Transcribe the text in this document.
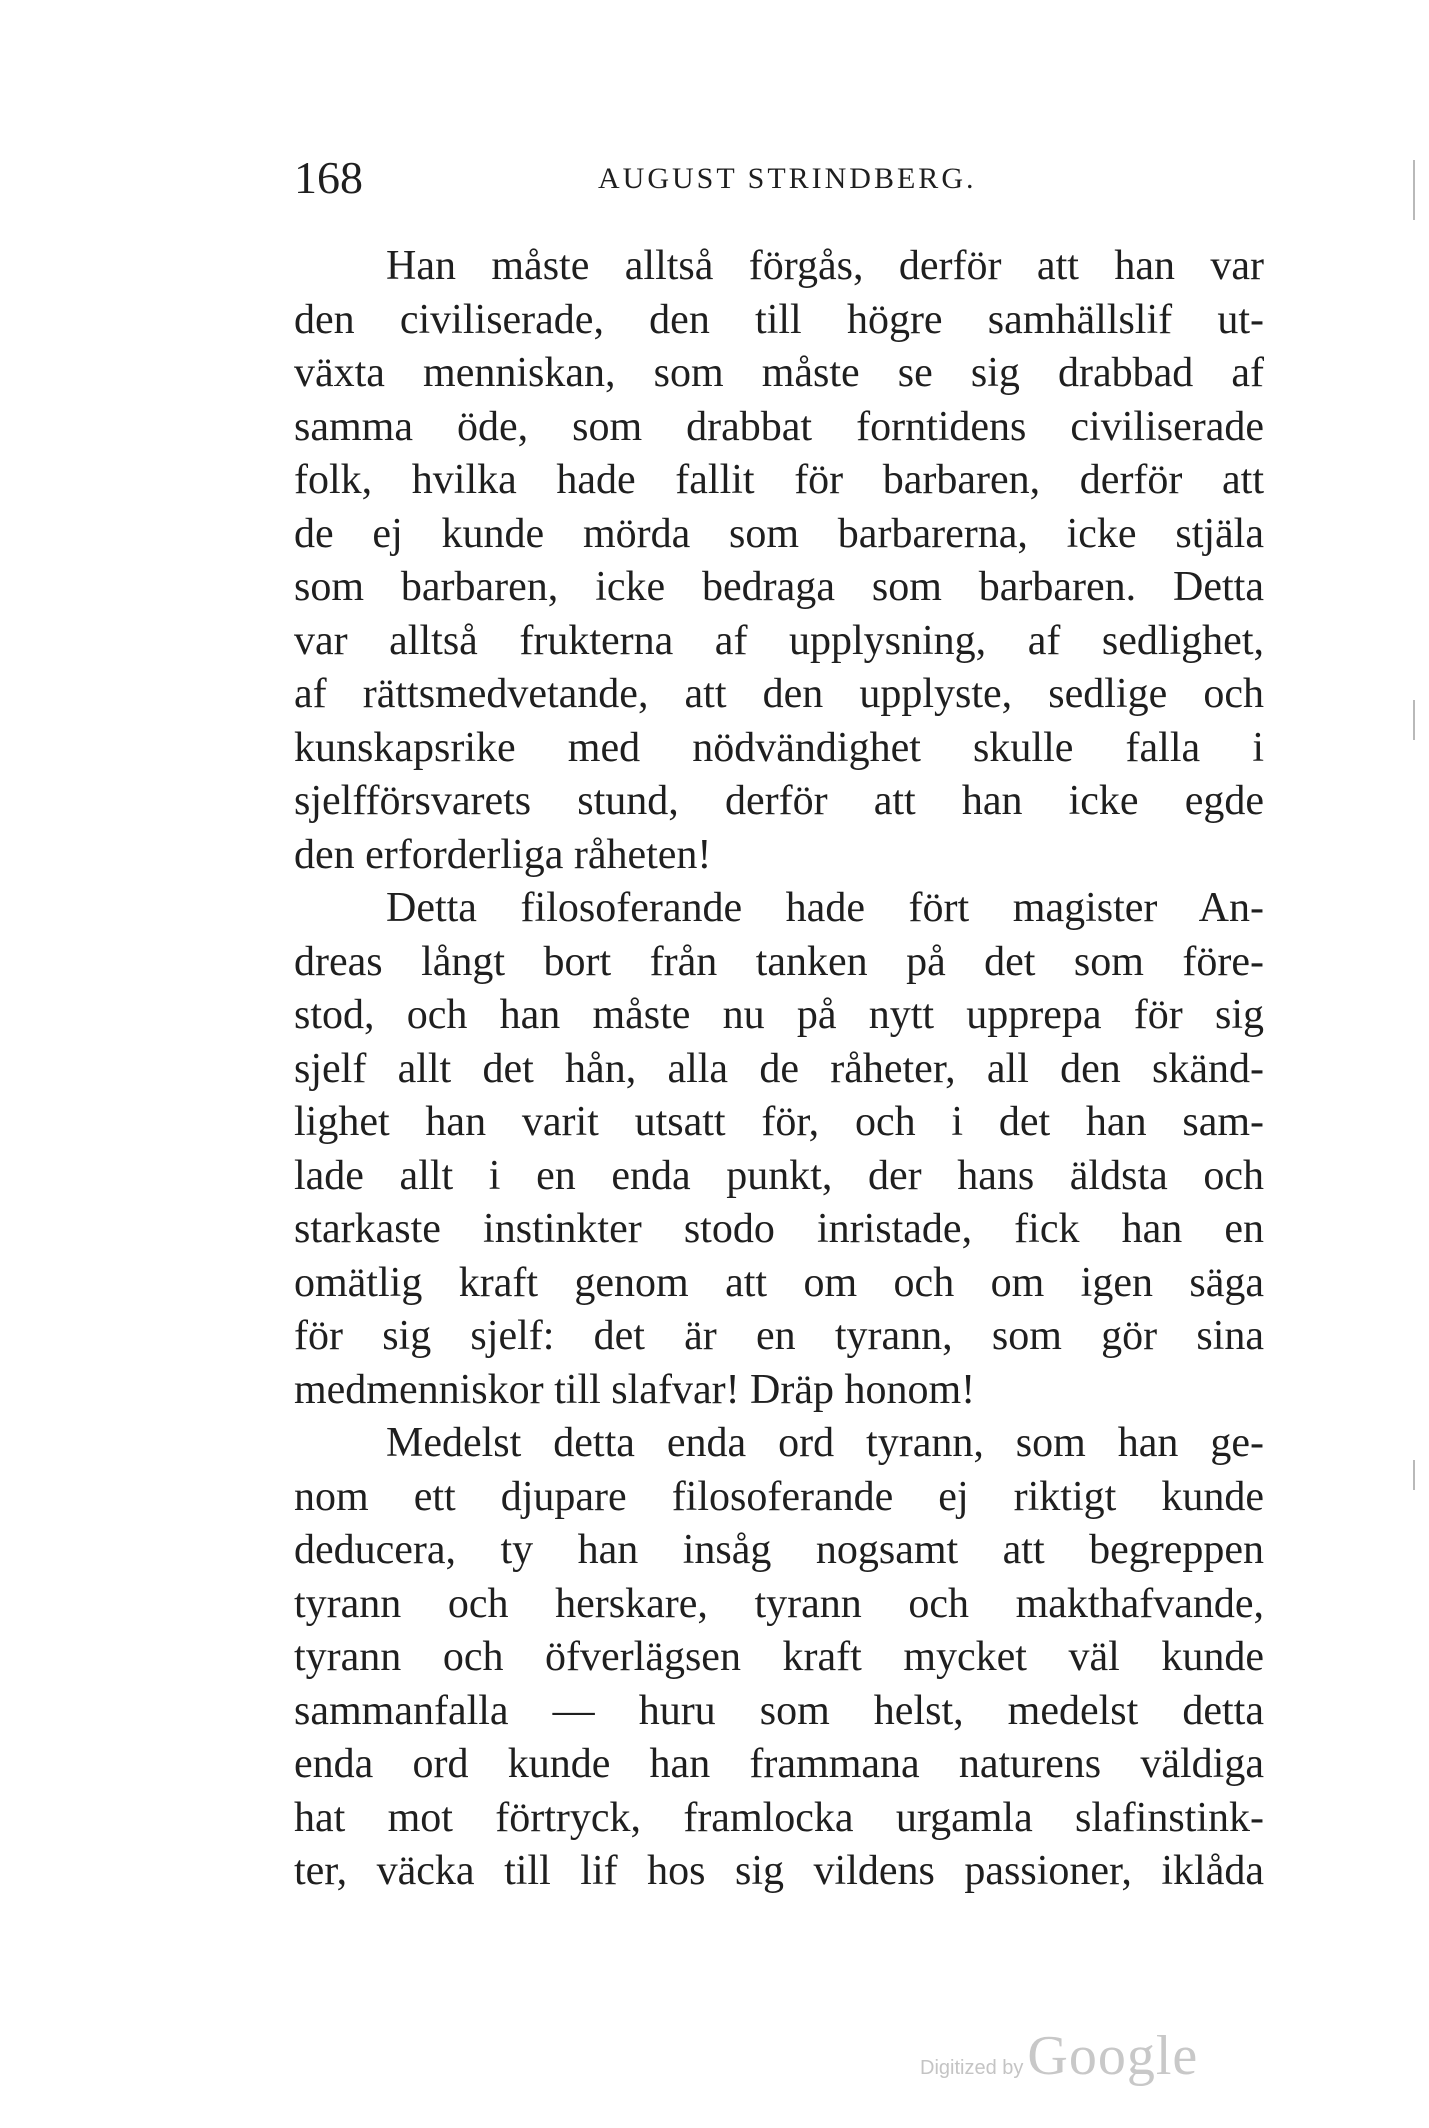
168	AUGUST STRINDBERG.
Han måste alltså förgås, derför att han var
den civiliserade, den till högre samhällslif ut-
växta menniskan, som måste se sig drabbad af
samma öde, som drabbat forntidens civiliserade
folk, hvilka hade fallit för barbaren, derför att
de ej kunde mörda som barbarerna, icke stjäla
som barbaren, icke bedraga som barbaren. Detta
var alltså frukterna af upplysning, af sedlighet,
af rättsmedvetande, att den upplyste, sedlige och
kunskapsrike med nödvändighet skulle falla i
sjelfförsvarets stund, derför att han icke egde
den erforderliga råheten!
Detta filosoferande hade fört magister An-
dreas långt bort från tanken på det som före-
stod, och han måste nu på nytt upprepa för sig
sjelf allt det hån, alla de råheter, all den skänd-
lighet han varit utsatt för, och i det han sam-
lade allt i en enda punkt, der hans äldsta och
starkaste instinkter stodo inristade, fick han en
omätlig kraft genom att om och om igen säga
för sig sjelf: det är en tyrann, som gör sina
medmenniskor till slafvar! Dräp honom!
Medelst detta enda ord tyrann, som han ge-
nom ett djupare filosoferande ej riktigt kunde
deducera, ty han insåg nogsamt att begreppen
tyrann och herskare, tyrann och makthafvande,
tyrann och öfverlägsen kraft mycket väl kunde
sammanfalla — huru som helst, medelst detta
enda ord kunde han frammana naturens väldiga
hat mot förtryck, framlocka urgamla slafinstink-
ter, väcka till lif hos sig vildens passioner, iklåda
Digitized by Google
